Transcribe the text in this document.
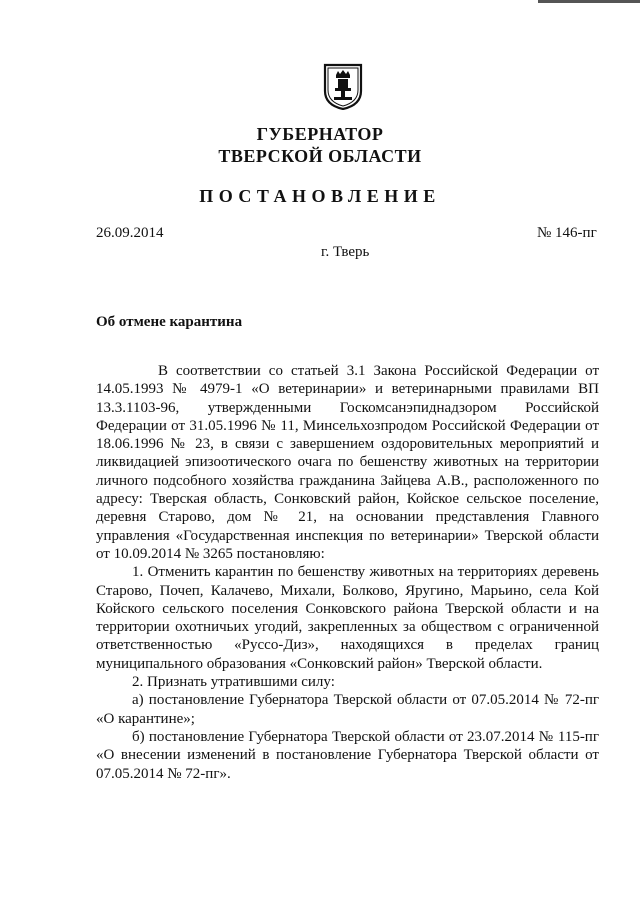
ГУБЕРНАТОР
ТВЕРСКОЙ ОБЛАСТИ
ПОСТАНОВЛЕНИЕ
26.09.2014	№ 146-пг
г. Тверь
Об отмене карантина

В соответствии со статьей 3.1 Закона Российской Федерации от 14.05.1993 № 4979-1 «О ветеринарии» и ветеринарными правилами ВП 13.3.1103-96, утвержденными Госкомсанэпиднадзором Российской Федерации от 31.05.1996 № 11, Минсельхозпродом Российской Федерации от 18.06.1996 № 23, в связи с завершением оздоровительных мероприятий и ликвидацией эпизоотического очага по бешенству животных на территории личного подсобного хозяйства гражданина Зайцева А.В., расположенного по адресу: Тверская область, Сонковский район, Койское сельское поселение, деревня Старово, дом № 21, на основании представления Главного управления «Государственная инспекция по ветеринарии» Тверской области от 10.09.2014 № 3265 постановляю:

1. Отменить карантин по бешенству животных на территориях деревень Старово, Почеп, Калачево, Михали, Болково, Яругино, Марьино, села Кой Койского сельского поселения Сонковского района Тверской области и на территории охотничьих угодий, закрепленных за обществом с ограниченной ответственностью «Руссо-Диз», находящихся в пределах границ муниципального образования «Сонковский район» Тверской области.

2. Признать утратившими силу:

а) постановление Губернатора Тверской области от 07.05.2014 № 72-пг «О карантине»;

б) постановление Губернатора Тверской области от 23.07.2014 № 115-пг «О внесении изменений в постановление Губернатора Тверской области от 07.05.2014 № 72-пг».
